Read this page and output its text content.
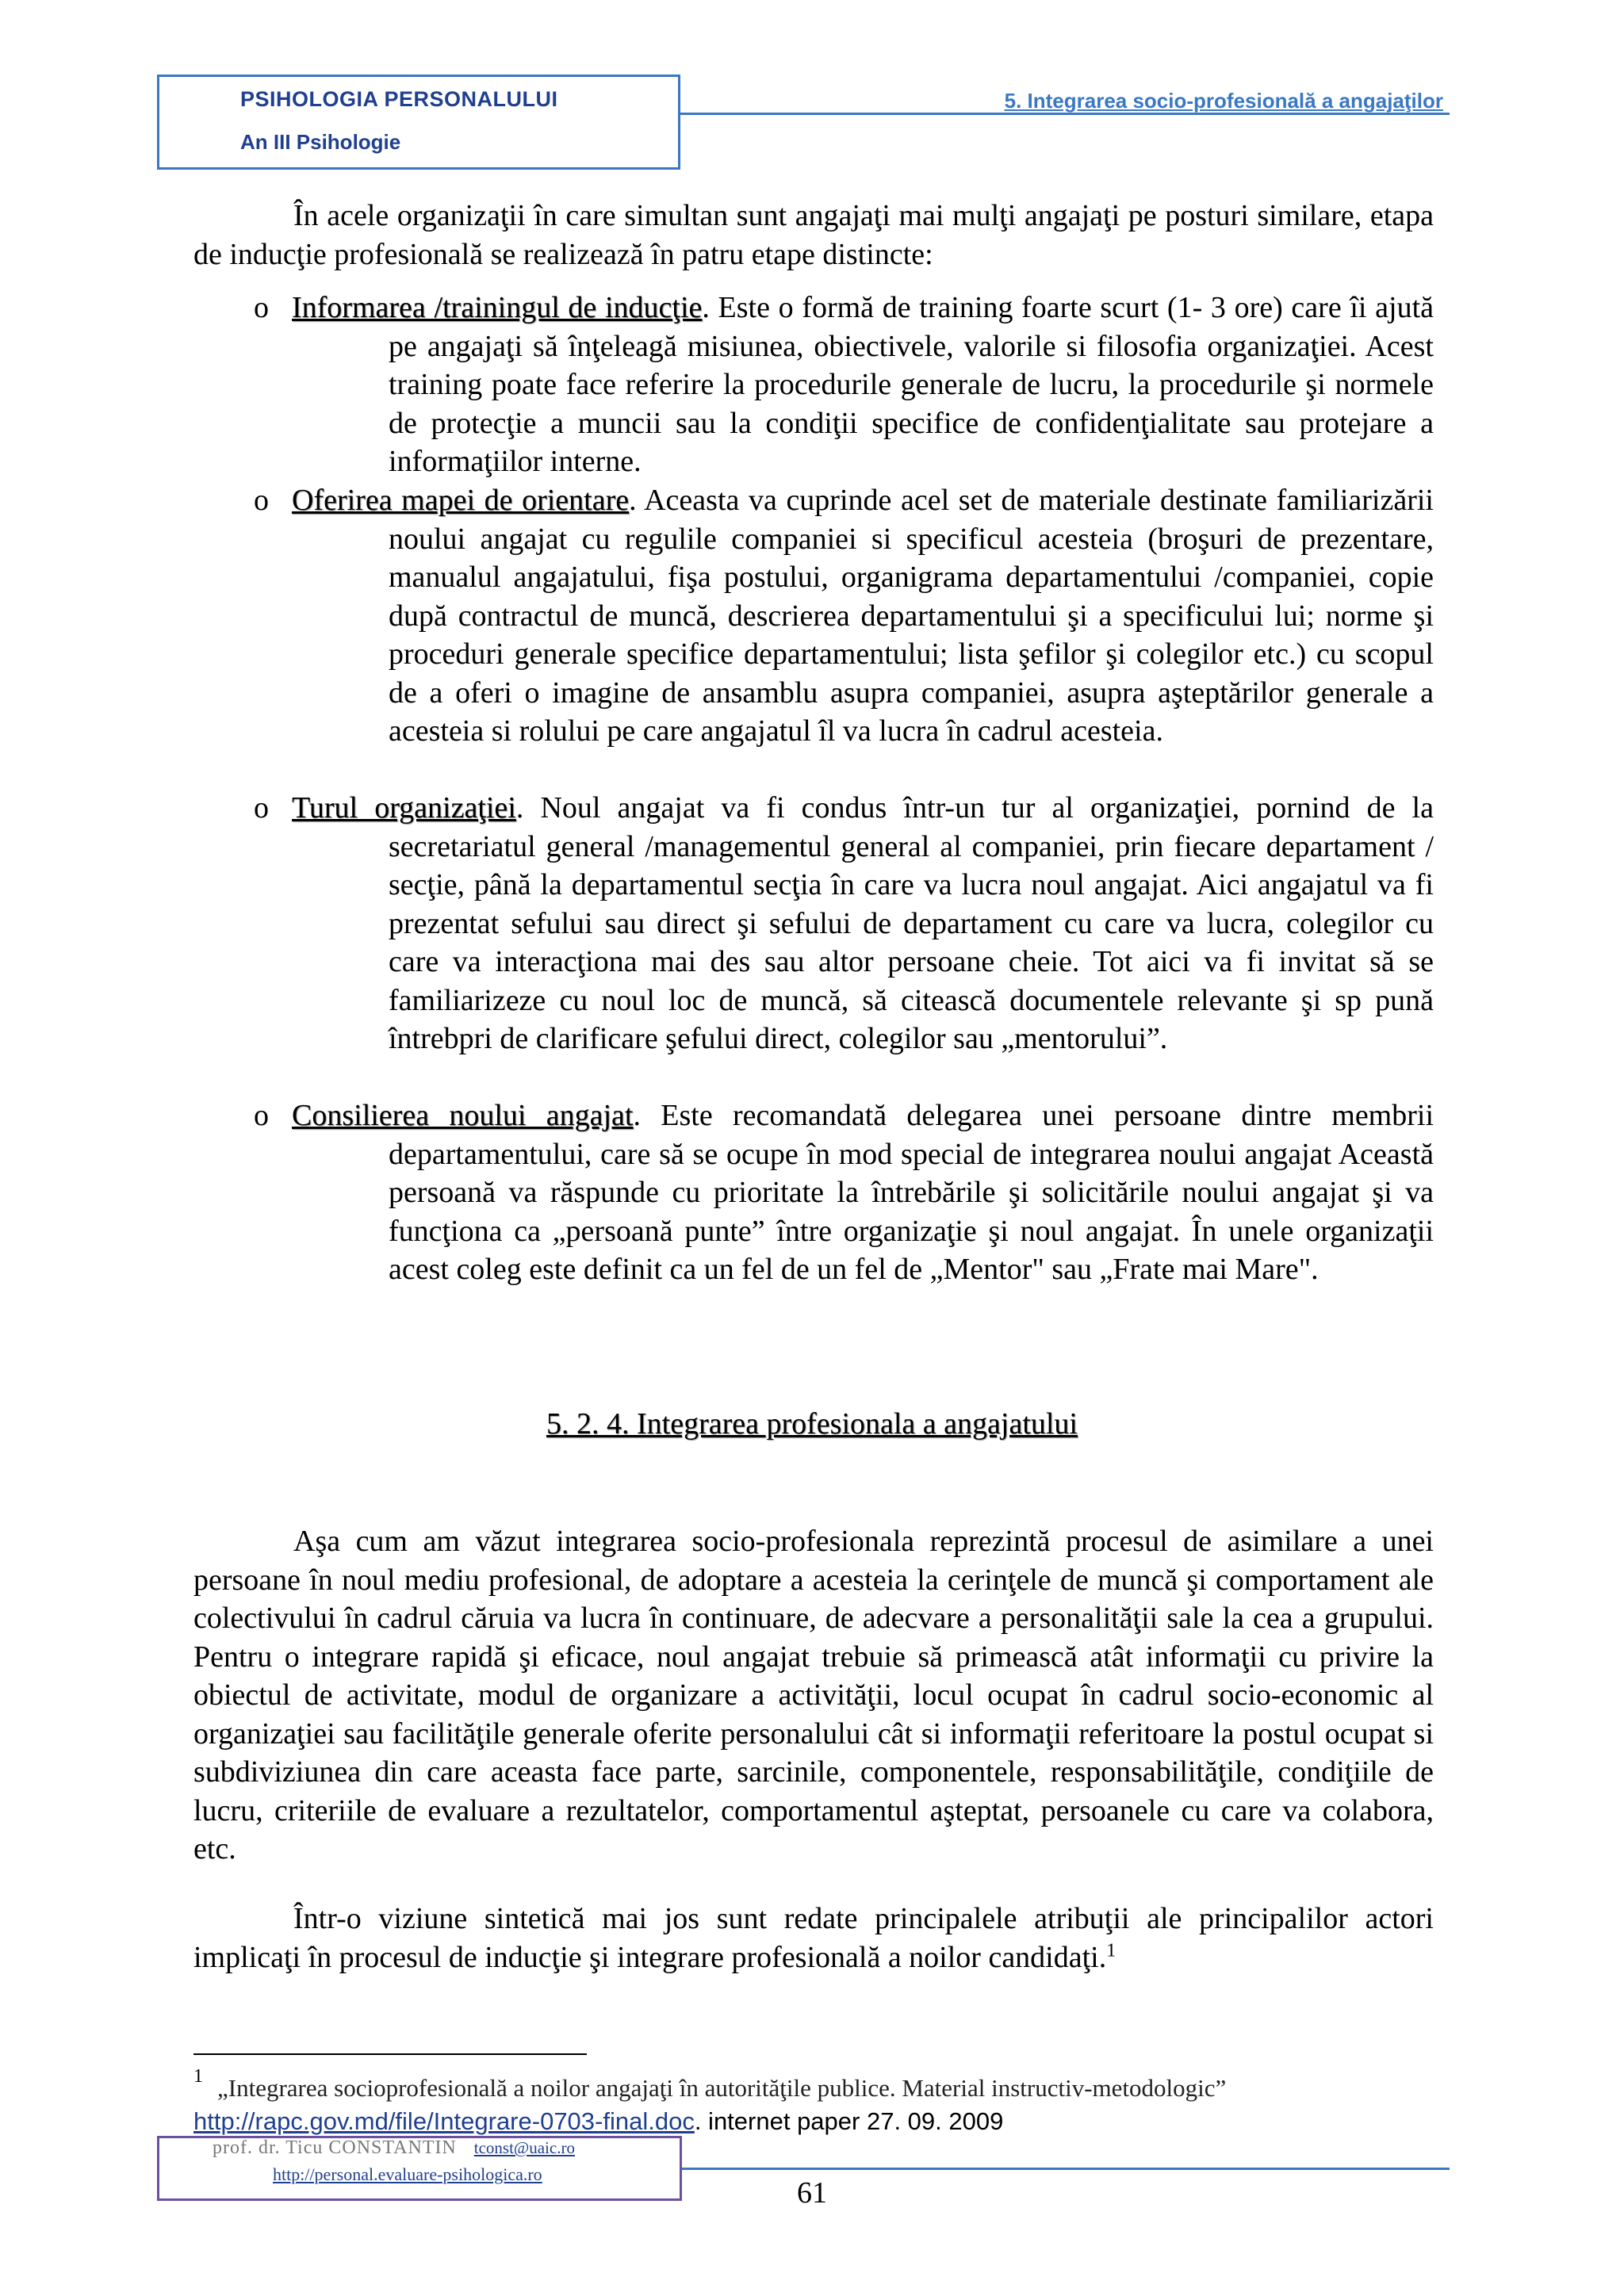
PSIHOLOGIA PERSONALULUI
An III Psihologie
5. Integrarea socio-profesională a angajaţilor

În acele organizaţii în care simultan sunt angajaţi mai mulţi angajaţi pe posturi similare, etapa de inducţie profesională se realizează în patru etape distincte:

o Informarea /trainingul de inducţie. Este o formă de training foarte scurt (1- 3 ore) care îi ajută pe angajaţi să înţeleagă misiunea, obiectivele, valorile si filosofia organizaţiei. Acest training poate face referire la procedurile generale de lucru, la procedurile şi normele de protecţie a muncii sau la condiţii specifice de confidenţialitate sau protejare a informaţiilor interne.

o Oferirea mapei de orientare. Aceasta va cuprinde acel set de materiale destinate familiarizării noului angajat cu regulile companiei si specificul acesteia (broşuri de prezentare, manualul angajatului, fişa postului, organigrama departamentului /companiei, copie după contractul de muncă, descrierea departamentului şi a specificului lui; norme şi proceduri generale specifice departamentului; lista şefilor şi colegilor etc.) cu scopul de a oferi o imagine de ansamblu asupra companiei, asupra aşteptărilor generale a acesteia si rolului pe care angajatul îl va lucra în cadrul acesteia.

o Turul organizaţiei. Noul angajat va fi condus într-un tur al organizaţiei, pornind de la secretariatul general /managementul general al companiei, prin fiecare departament / secţie, până la departamentul secţia în care va lucra noul angajat. Aici angajatul va fi prezentat sefului sau direct şi sefului de departament cu care va lucra, colegilor cu care va interacţiona mai des sau altor persoane cheie. Tot aici va fi invitat să se familiarizeze cu noul loc de muncă, să citească documentele relevante şi sp pună întrebpri de clarificare şefului direct, colegilor sau „mentorului”.

o Consilierea noului angajat. Este recomandată delegarea unei persoane dintre membrii departamentului, care să se ocupe în mod special de integrarea noului angajat Această persoană va răspunde cu prioritate la întrebările şi solicitările noului angajat şi va funcţiona ca „persoană punte” între organizaţie şi noul angajat. În unele organizaţii acest coleg este definit ca un fel de un fel de „Mentor" sau „Frate mai Mare".

5. 2. 4. Integrarea profesionala a angajatului

Aşa cum am văzut integrarea socio-profesionala reprezintă procesul de asimilare a unei persoane în noul mediu profesional, de adoptare a acesteia la cerinţele de muncă şi comportament ale colectivului în cadrul căruia va lucra în continuare, de adecvare a personalităţii sale la cea a grupului. Pentru o integrare rapidă şi eficace, noul angajat trebuie să primească atât informaţii cu privire la obiectul de activitate, modul de organizare a activităţii, locul ocupat în cadrul socio-economic al organizaţiei sau facilităţile generale oferite personalului cât si informaţii referitoare la postul ocupat si subdiviziunea din care aceasta face parte, sarcinile, componentele, responsabilităţile, condiţiile de lucru, criteriile de evaluare a rezultatelor, comportamentul aşteptat, persoanele cu care va colabora, etc.

Într-o viziune sintetică mai jos sunt redate principalele atribuţii ale principalilor actori implicaţi în procesul de inducţie şi integrare profesională a noilor candidaţi.$^1$

1 „Integrarea socioprofesională a noilor angajaţi în autorităţile publice. Material instructiv-metodologic”
http://rapc.gov.md/file/Integrare-0703-final.doc. internet paper 27. 09. 2009
prof. dr. Ticu CONSTANTIN tconst@uaic.ro
http://personal.evaluare-psihologica.ro
61
